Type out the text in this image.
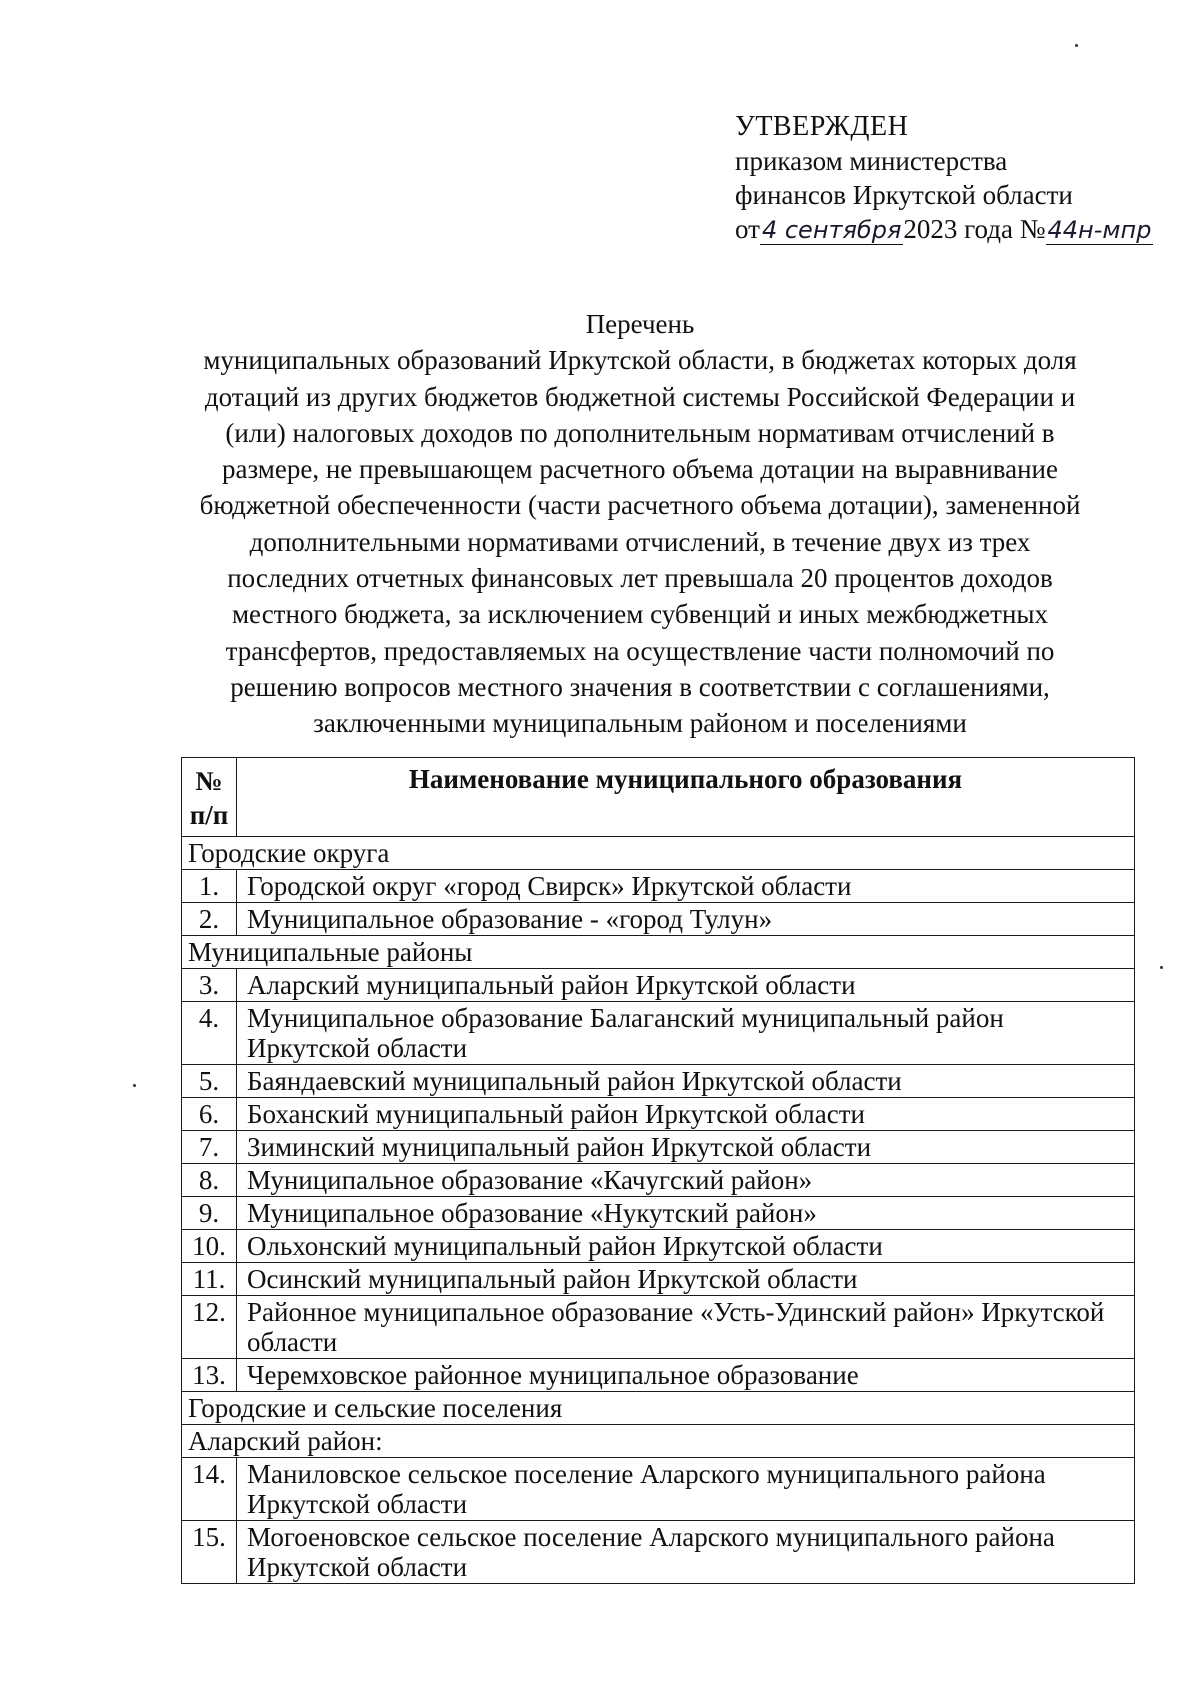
УТВЕРЖДЕН
приказом министерства
финансов Иркутской области
от4 сентября2023 года №44н-мпр
Перечень
муниципальных образований Иркутской области, в бюджетах которых доля
дотаций из других бюджетов бюджетной системы Российской Федерации и
(или) налоговых доходов по дополнительным нормативам отчислений в
размере, не превышающем расчетного объема дотации на выравнивание
бюджетной обеспеченности (части расчетного объема дотации), замененной
дополнительными нормативами отчислений, в течение двух из трех
последних отчетных финансовых лет превышала 20 процентов доходов
местного бюджета, за исключением субвенций и иных межбюджетных
трансфертов, предоставляемых на осуществление части полномочий по
решению вопросов местного значения в соответствии с соглашениями,
заключенными муниципальным районом и поселениями
№
п/п	Наименование муниципального образования
Городские округа	
1.	Городской округ «город Свирск» Иркутской области
2.	Муниципальное образование - «город Тулун»
Муниципальные районы	
3.	Аларский муниципальный район Иркутской области
4.	Муниципальное образование Балаганский муниципальный район Иркутской области
5.	Баяндаевский муниципальный район Иркутской области
6.	Боханский муниципальный район Иркутской области
7.	Зиминский муниципальный район Иркутской области
8.	Муниципальное образование «Качугский район»
9.	Муниципальное образование «Нукутский район»
10.	Ольхонский муниципальный район Иркутской области
11.	Осинский муниципальный район Иркутской области
12.	Районное муниципальное образование «Усть-Удинский район» Иркутской области
13.	Черемховское районное муниципальное образование
Городские и сельские поселения	
Аларский район:	
14.	Маниловское сельское поселение Аларского муниципального района Иркутской области
15.	Могоеновское сельское поселение Аларского муниципального района Иркутской области
